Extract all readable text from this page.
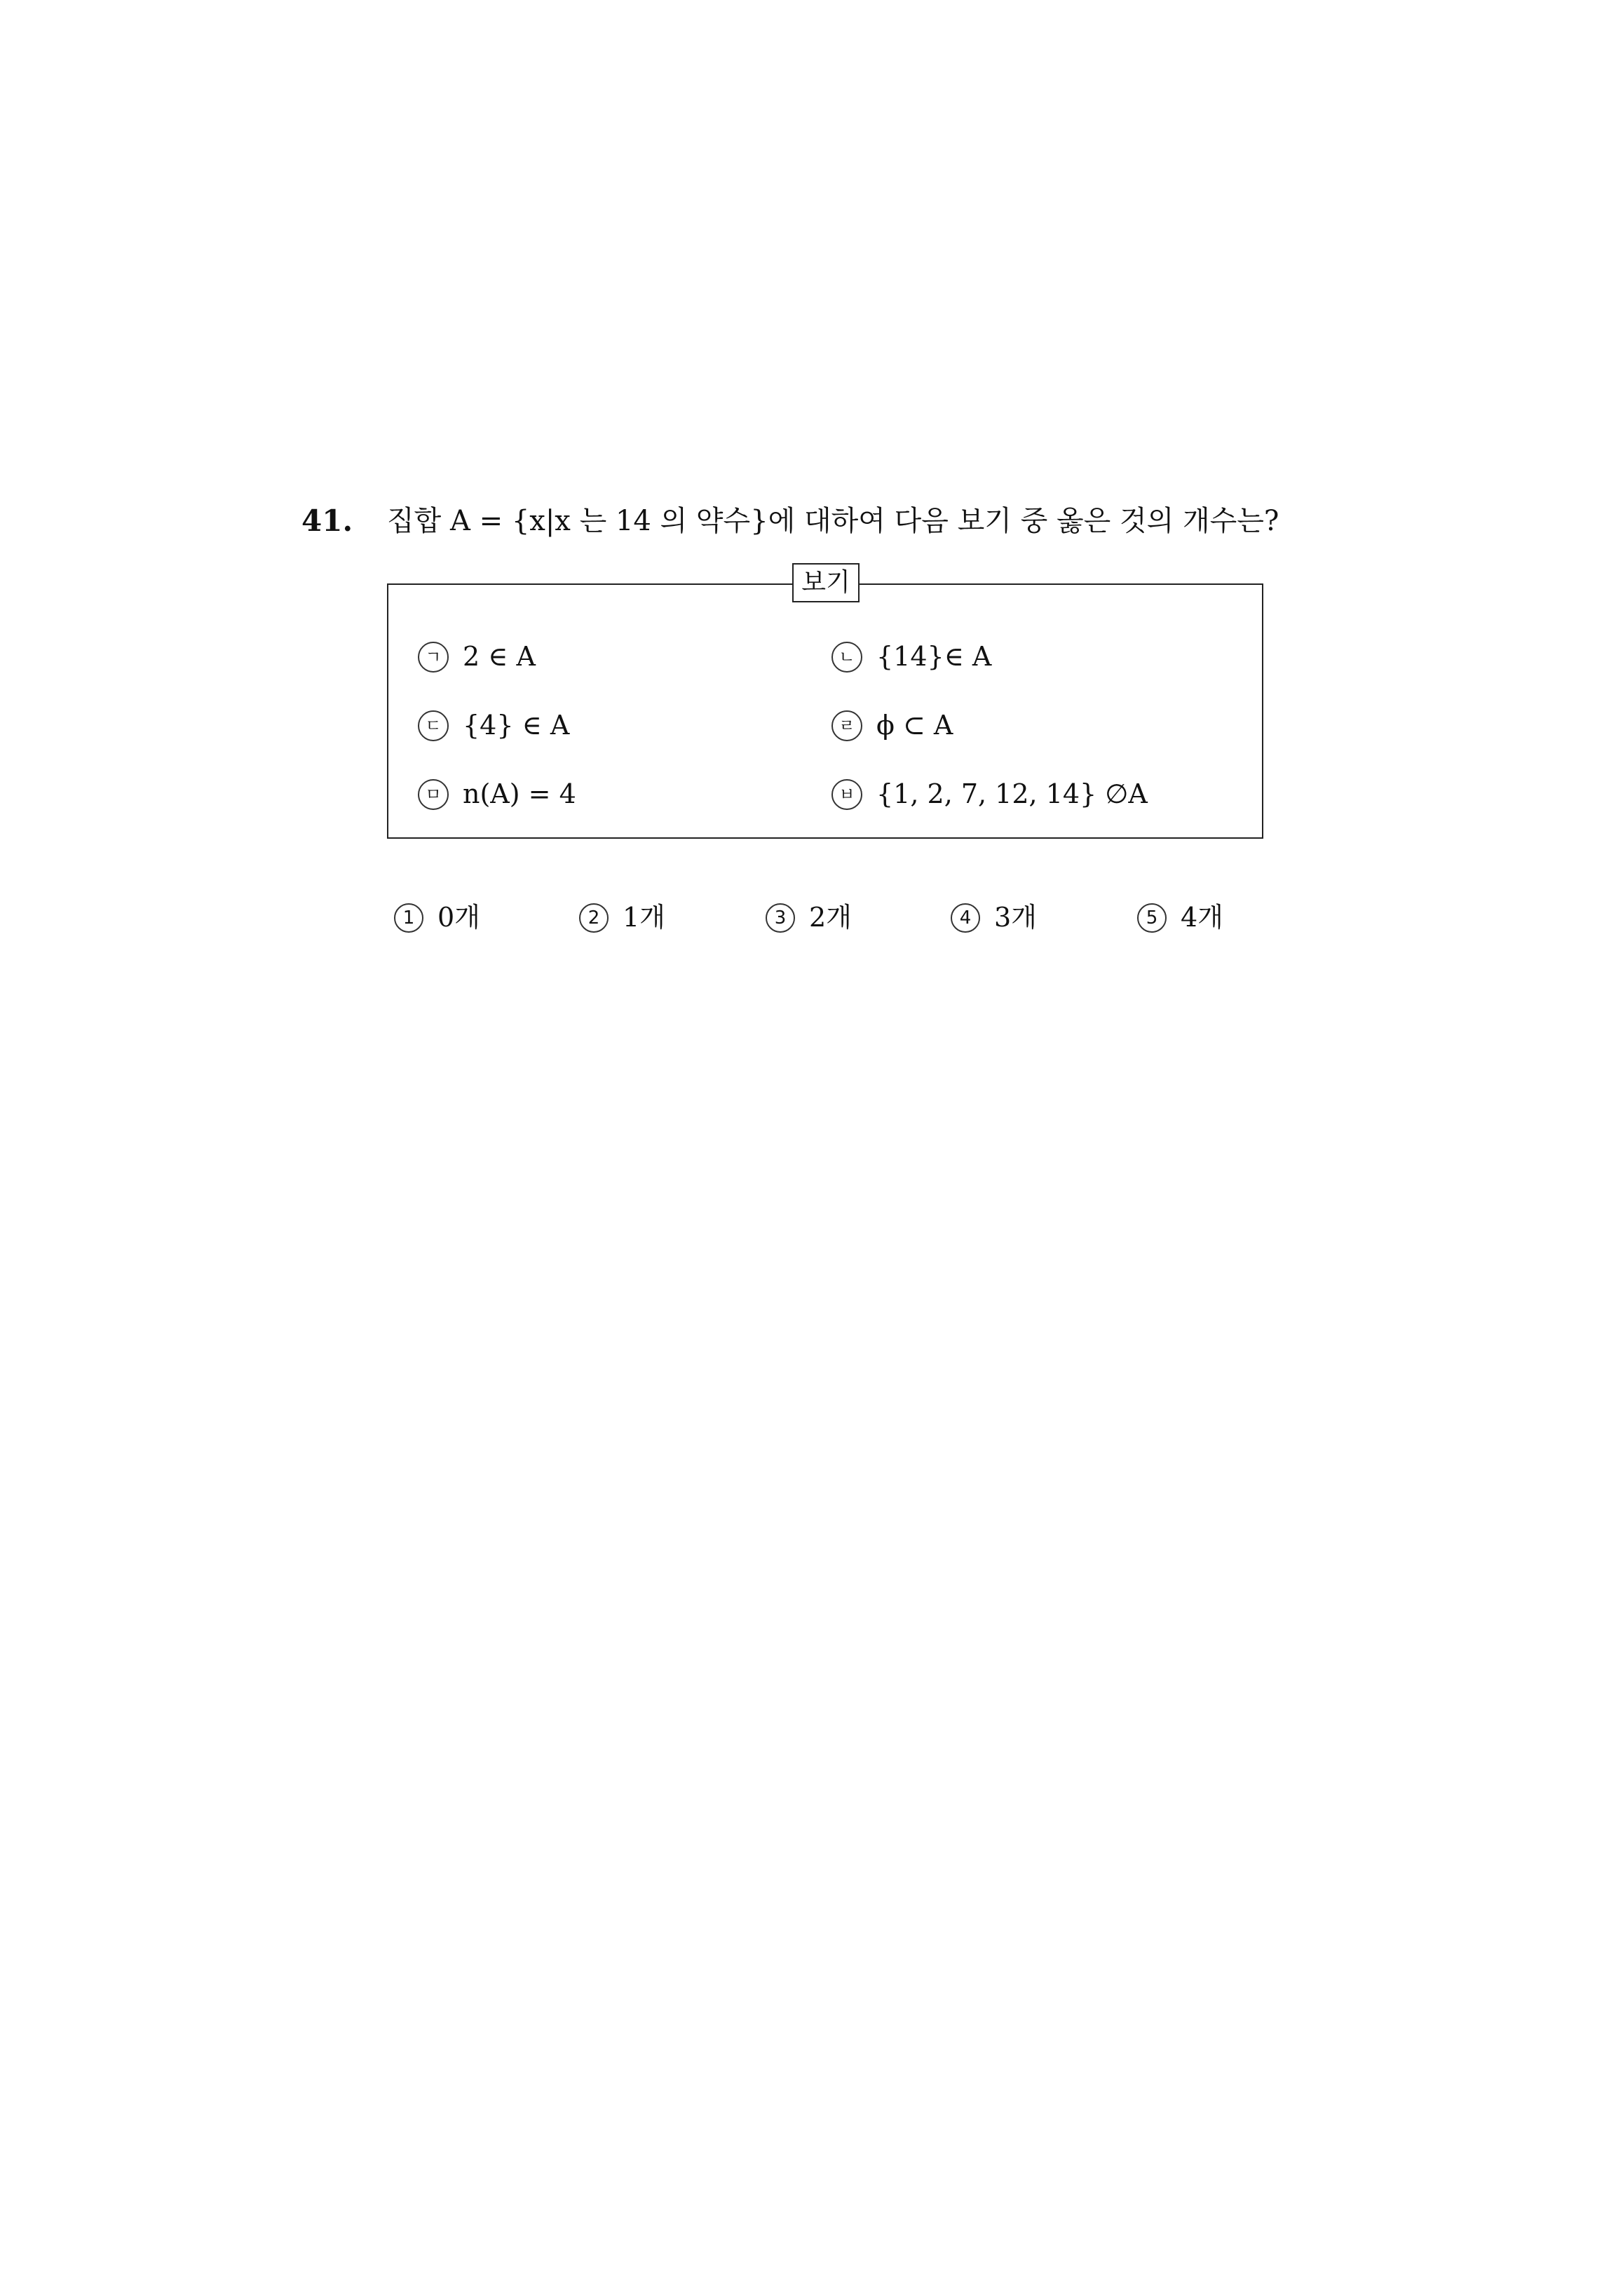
41. 집합 A = {x|x 는 14 의 약수}에 대하여 다음 보기 중 옳은 것의 개수는?
보기
ㄱ 2 ∈ A	ㄴ {14}∈ A
ㄷ {4} ∈ A	ㄹ ϕ ⊂ A
ㅁ n(A) = 4	ㅂ {1, 2, 7, 12, 14} ∅A
1 0개	2 1개	3 2개	4 3개	5 4개
